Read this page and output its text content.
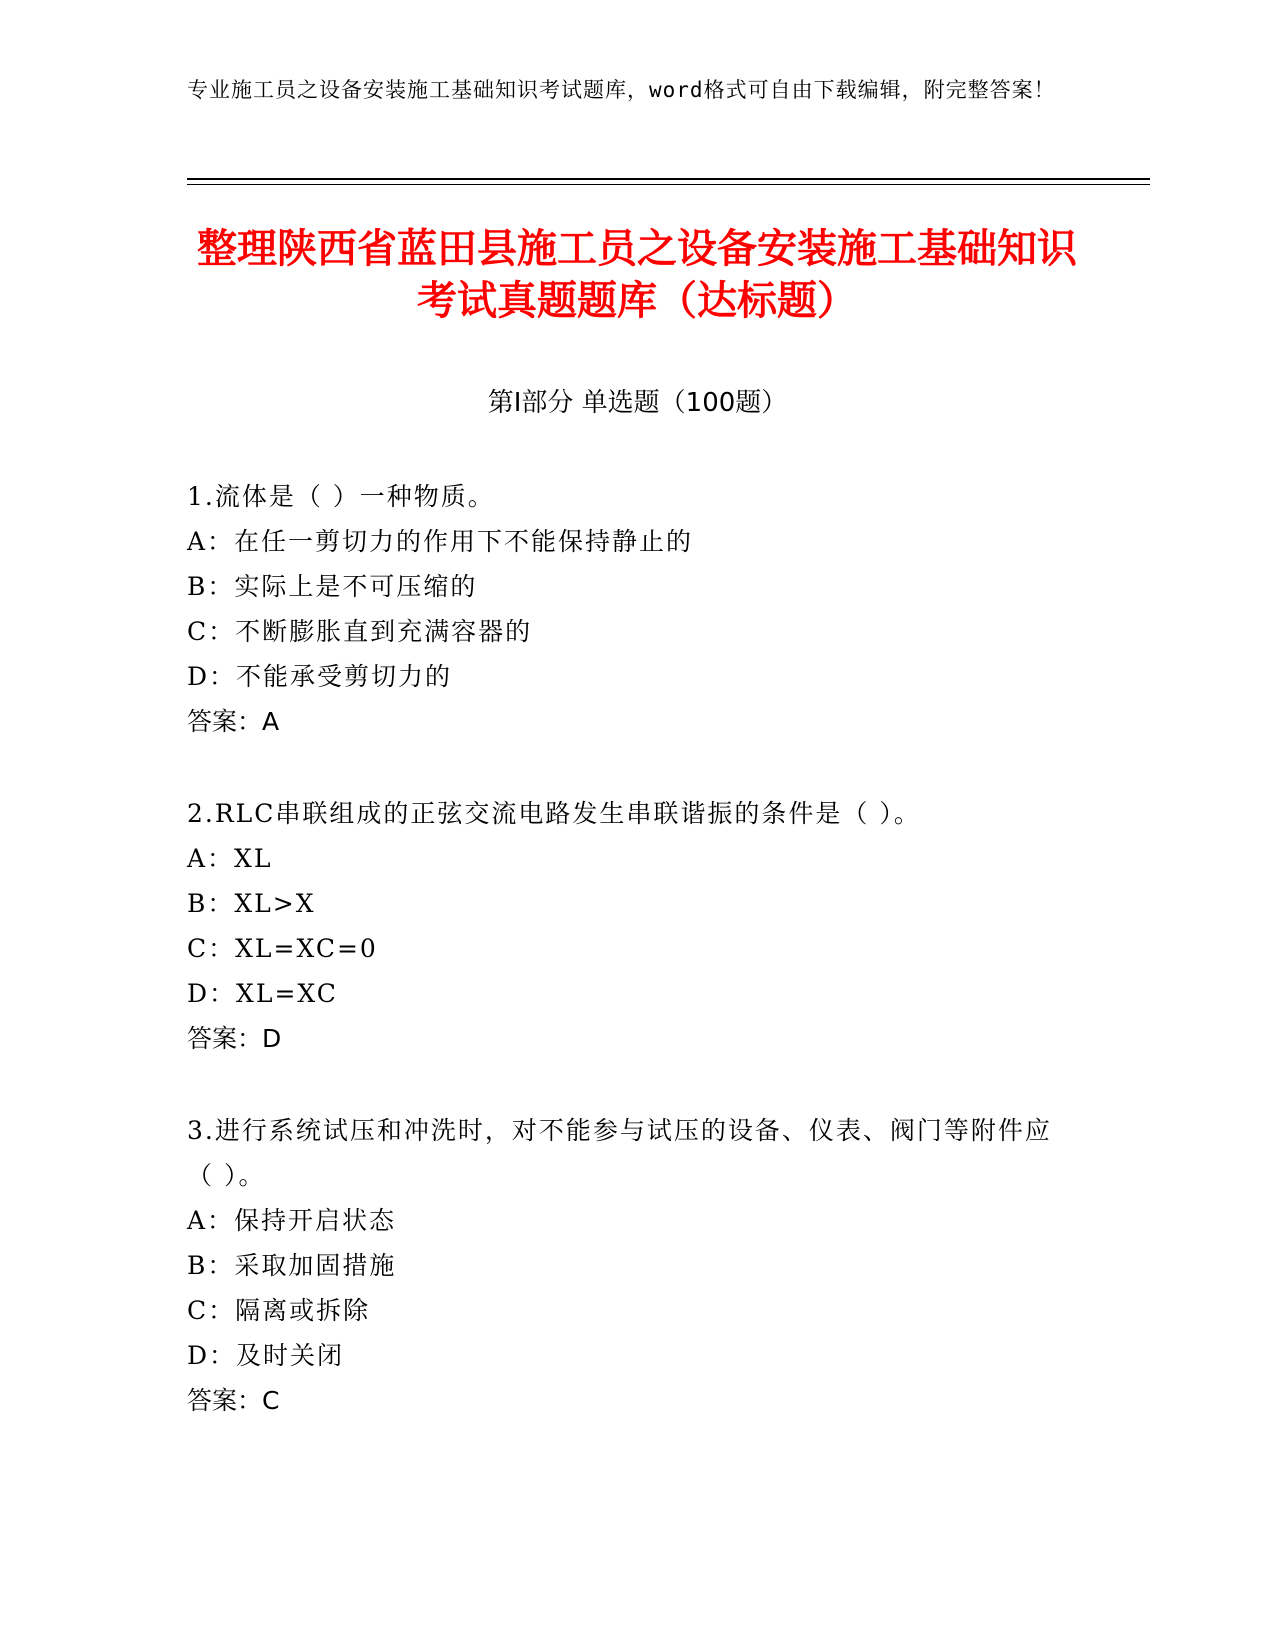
专业施工员之设备安装施工基础知识考试题库，word格式可自由下载编辑，附完整答案！
整理陕西省蓝田县施工员之设备安装施工基础知识考试真题题库（达标题）
第Ⅰ部分 单选题（100题）
1.流体是（ ）一种物质。
A：在任一剪切力的作用下不能保持静止的
B：实际上是不可压缩的
C：不断膨胀直到充满容器的
D：不能承受剪切力的
答案：A
2.RLC串联组成的正弦交流电路发生串联谐振的条件是（ ）。
A：XL
B：XL>X
C：XL=XC=0
D：XL=XC
答案：D
3.进行系统试压和冲洗时，对不能参与试压的设备、仪表、阀门等附件应（ ）。
A：保持开启状态
B：采取加固措施
C：隔离或拆除
D：及时关闭
答案：C
